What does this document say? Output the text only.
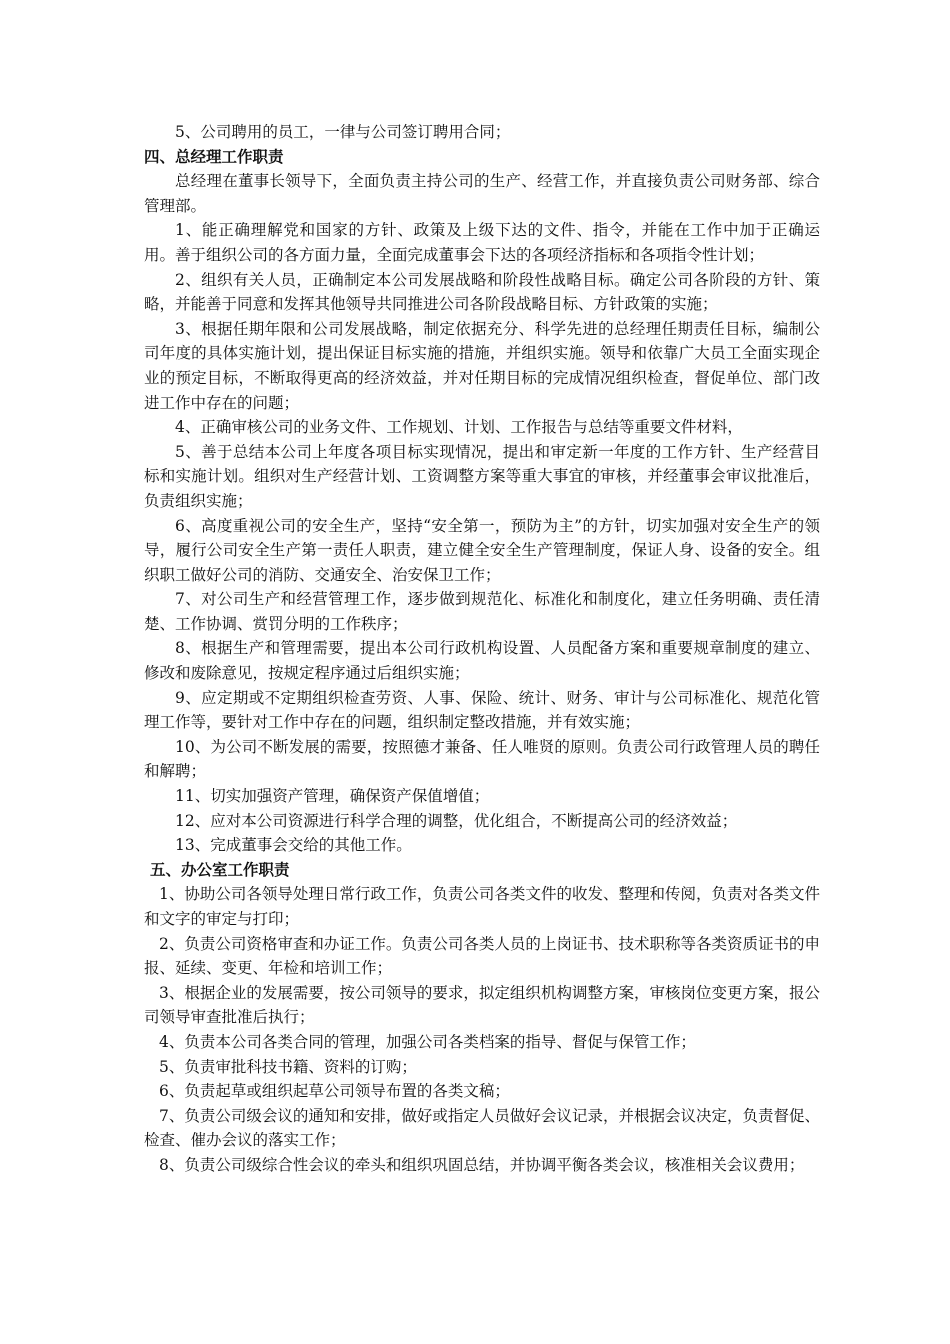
5、公司聘用的员工，一律与公司签订聘用合同；

四、总经理工作职责

总经理在董事长领导下，全面负责主持公司的生产、经营工作，并直接负责公司财务部、综合管理部。

1、能正确理解党和国家的方针、政策及上级下达的文件、指令，并能在工作中加于正确运用。善于组织公司的各方面力量，全面完成董事会下达的各项经济指标和各项指令性计划；

2、组织有关人员，正确制定本公司发展战略和阶段性战略目标。确定公司各阶段的方针、策略，并能善于同意和发挥其他领导共同推进公司各阶段战略目标、方针政策的实施；

3、根据任期年限和公司发展战略，制定依据充分、科学先进的总经理任期责任目标，编制公司年度的具体实施计划，提出保证目标实施的措施，并组织实施。领导和依靠广大员工全面实现企业的预定目标，不断取得更高的经济效益，并对任期目标的完成情况组织检查，督促单位、部门改进工作中存在的问题；

4、正确审核公司的业务文件、工作规划、计划、工作报告与总结等重要文件材料，

5、善于总结本公司上年度各项目标实现情况，提出和审定新一年度的工作方针、生产经营目标和实施计划。组织对生产经营计划、工资调整方案等重大事宜的审核，并经董事会审议批准后，负责组织实施；

6、高度重视公司的安全生产，坚持“安全第一，预防为主”的方针，切实加强对安全生产的领导，履行公司安全生产第一责任人职责，建立健全安全生产管理制度，保证人身、设备的安全。组织职工做好公司的消防、交通安全、治安保卫工作；

7、对公司生产和经营管理工作，逐步做到规范化、标准化和制度化，建立任务明确、责任清楚、工作协调、赏罚分明的工作秩序；

8、根据生产和管理需要，提出本公司行政机构设置、人员配备方案和重要规章制度的建立、修改和废除意见，按规定程序通过后组织实施；

9、应定期或不定期组织检查劳资、人事、保险、统计、财务、审计与公司标准化、规范化管理工作等，要针对工作中存在的问题，组织制定整改措施，并有效实施；

10、为公司不断发展的需要，按照德才兼备、任人唯贤的原则。负责公司行政管理人员的聘任和解聘；

11、切实加强资产管理，确保资产保值增值；

12、应对本公司资源进行科学合理的调整，优化组合，不断提高公司的经济效益；

13、完成董事会交给的其他工作。

五、办公室工作职责

1、协助公司各领导处理日常行政工作，负责公司各类文件的收发、整理和传阅，负责对各类文件和文字的审定与打印；

2、负责公司资格审查和办证工作。负责公司各类人员的上岗证书、技术职称等各类资质证书的申报、延续、变更、年检和培训工作；

3、根据企业的发展需要，按公司领导的要求，拟定组织机构调整方案，审核岗位变更方案，报公司领导审查批准后执行；

4、负责本公司各类合同的管理，加强公司各类档案的指导、督促与保管工作；

5、负责审批科技书籍、资料的订购；

6、负责起草或组织起草公司领导布置的各类文稿；

7、负责公司级会议的通知和安排，做好或指定人员做好会议记录，并根据会议决定，负责督促、检查、催办会议的落实工作；

8、负责公司级综合性会议的牵头和组织巩固总结，并协调平衡各类会议，核准相关会议费用；
